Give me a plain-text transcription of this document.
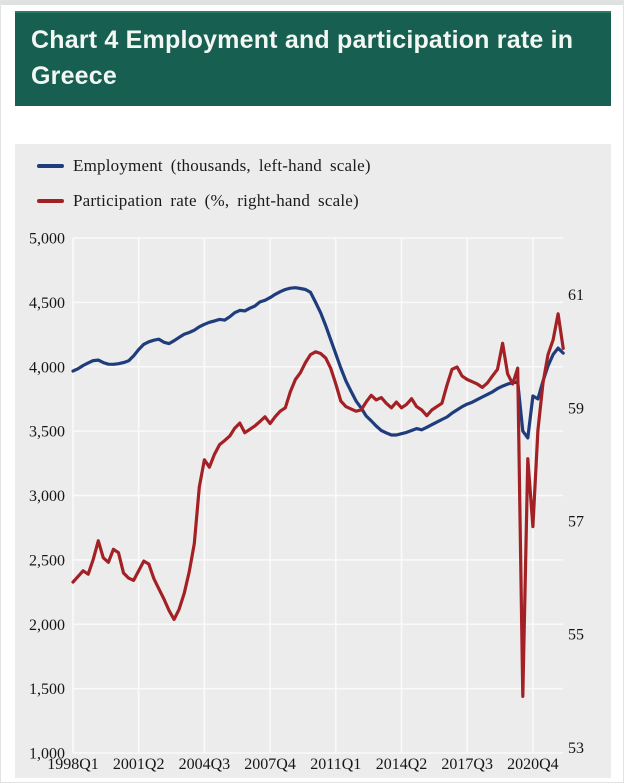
Chart 4 Employment and participation rate in Greece
Employment (thousands, left-hand scale)
Participation rate (%, right-hand scale)
5,000
4,500
4,000
3,500
3,000
2,500
2,000
1,500
1,000
61
59
57
55
53
1998Q1 2001Q2 2004Q3 2007Q4 2011Q1 2014Q2 2017Q3 2020Q4
